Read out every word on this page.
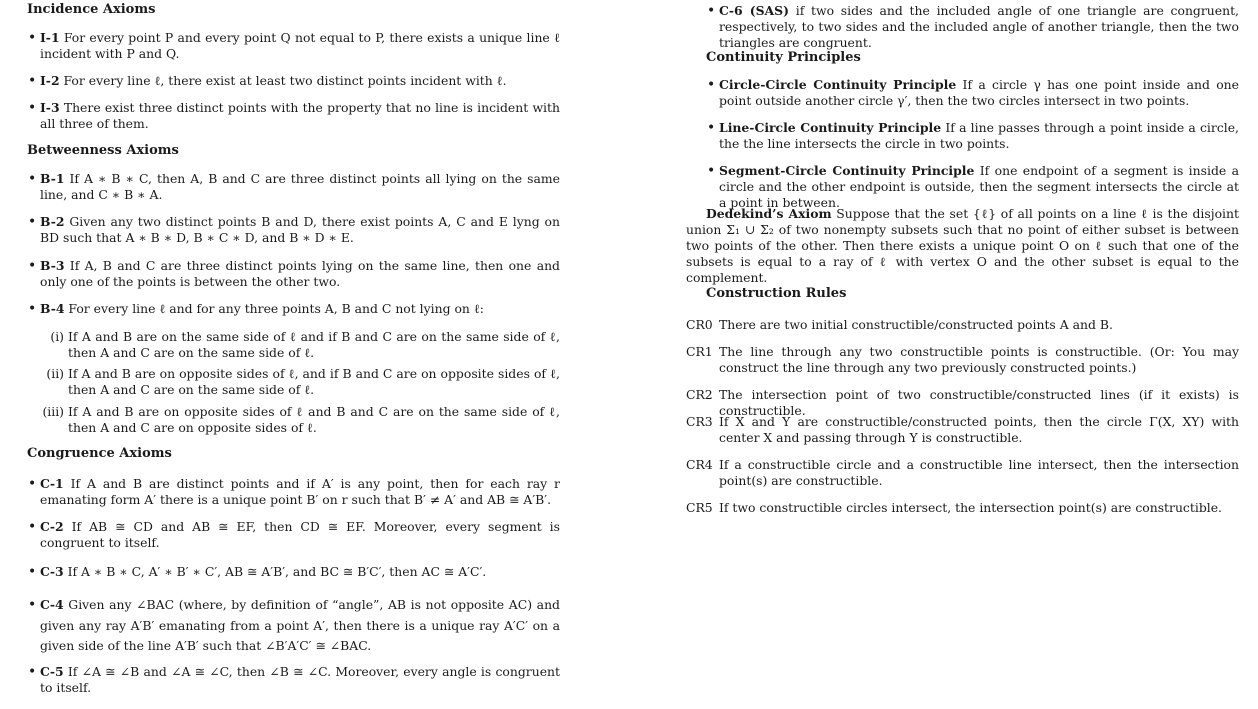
Incidence Axioms
• I-1 For every point P and every point Q not equal to P, there exists a unique line ℓ incident with P and Q.
• I-2 For every line ℓ, there exist at least two distinct points incident with ℓ.
• I-3 There exist three distinct points with the property that no line is incident with all three of them.
Betweenness Axioms
• B-1 If A ∗ B ∗ C, then A, B and C are three distinct points all lying on the same line, and C ∗ B ∗ A.
• B-2 Given any two distinct points B and D, there exist points A, C and E lyng on BD such that A ∗ B ∗ D, B ∗ C ∗ D, and B ∗ D ∗ E.
• B-3 If A, B and C are three distinct points lying on the same line, then one and only one of the points is between the other two.
• B-4 For every line ℓ and for any three points A, B and C not lying on ℓ:
(i) If A and B are on the same side of ℓ and if B and C are on the same side of ℓ, then A and C are on the same side of ℓ.
(ii) If A and B are on opposite sides of ℓ, and if B and C are on opposite sides of ℓ, then A and C are on the same side of ℓ.
(iii) If A and B are on opposite sides of ℓ and B and C are on the same side of ℓ, then A and C are on opposite sides of ℓ.
Congruence Axioms
• C-1 If A and B are distinct points and if A′ is any point, then for each ray r emanating form A′ there is a unique point B′ on r such that B′ ≠ A′ and AB ≅ A′B′.
• C-2 If AB ≅ CD and AB ≅ EF, then CD ≅ EF. Moreover, every segment is congruent to itself.
• C-3 If A ∗ B ∗ C, A′ ∗ B′ ∗ C′, AB ≅ A′B′, and BC ≅ B′C′, then AC ≅ A′C′.
• C-4 Given any ∠BAC (where, by definition of “angle”, AB is not opposite AC) and given any ray A′B′ emanating from a point A′, then there is a unique ray A′C′ on a given side of the line A′B′ such that ∠B′A′C′ ≅ ∠BAC.
• C-5 If ∠A ≅ ∠B and ∠A ≅ ∠C, then ∠B ≅ ∠C. Moreover, every angle is congruent to itself.
• C-6 (SAS) if two sides and the included angle of one triangle are congruent, respectively, to two sides and the included angle of another triangle, then the two triangles are congruent.
Continuity Principles
• Circle-Circle Continuity Principle If a circle γ has one point inside and one point outside another circle γ′, then the two circles intersect in two points.
• Line-Circle Continuity Principle If a line passes through a point inside a circle, the the line intersects the circle in two points.
• Segment-Circle Continuity Principle If one endpoint of a segment is inside a circle and the other endpoint is outside, then the segment intersects the circle at a point in between.
Dedekind’s Axiom Suppose that the set {ℓ} of all points on a line ℓ is the disjoint union Σ₁ ∪ Σ₂ of two nonempty subsets such that no point of either subset is between two points of the other. Then there exists a unique point O on ℓ such that one of the subsets is equal to a ray of ℓ with vertex O and the other subset is equal to the complement.
Construction Rules
CR0 There are two initial constructible/constructed points A and B.
CR1 The line through any two constructible points is constructible. (Or: You may construct the line through any two previously constructed points.)
CR2 The intersection point of two constructible/constructed lines (if it exists) is constructible.
CR3 If X and Y are constructible/constructed points, then the circle Γ(X, XY) with center X and passing through Y is constructible.
CR4 If a constructible circle and a constructible line intersect, then the intersection point(s) are constructible.
CR5 If two constructible circles intersect, the intersection point(s) are constructible.
